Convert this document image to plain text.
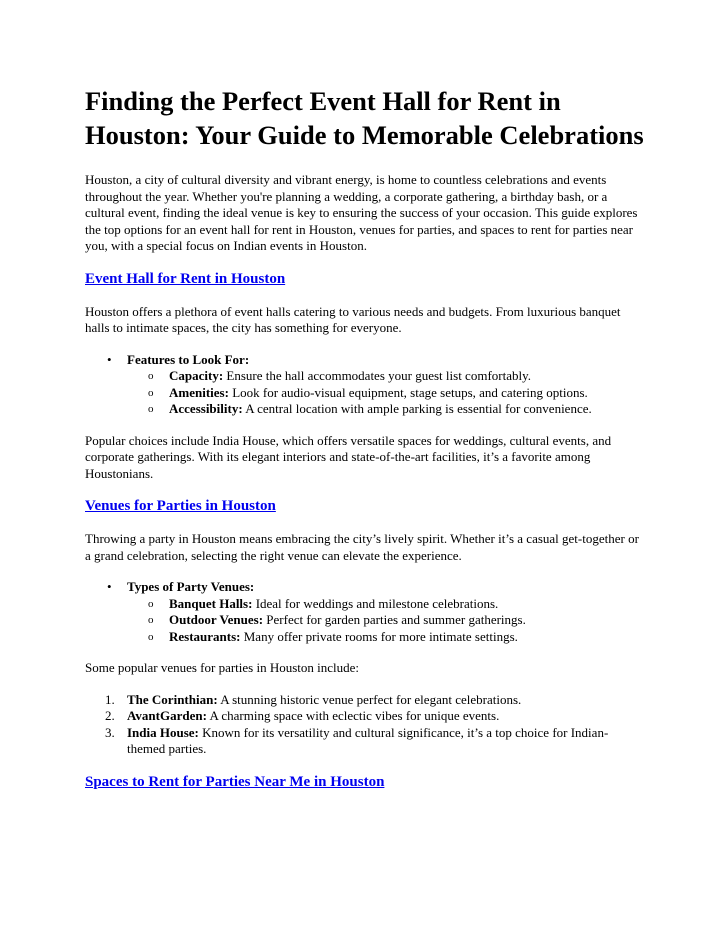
Finding the Perfect Event Hall for Rent in Houston: Your Guide to Memorable Celebrations

Houston, a city of cultural diversity and vibrant energy, is home to countless celebrations and events throughout the year. Whether you're planning a wedding, a corporate gathering, a birthday bash, or a cultural event, finding the ideal venue is key to ensuring the success of your occasion. This guide explores the top options for an event hall for rent in Houston, venues for parties, and spaces to rent for parties near you, with a special focus on Indian events in Houston.

Event Hall for Rent in Houston

Houston offers a plethora of event halls catering to various needs and budgets. From luxurious banquet halls to intimate spaces, the city has something for everyone.

• Features to Look For:
o Capacity: Ensure the hall accommodates your guest list comfortably.
o Amenities: Look for audio-visual equipment, stage setups, and catering options.
o Accessibility: A central location with ample parking is essential for convenience.

Popular choices include India House, which offers versatile spaces for weddings, cultural events, and corporate gatherings. With its elegant interiors and state-of-the-art facilities, it’s a favorite among Houstonians.

Venues for Parties in Houston

Throwing a party in Houston means embracing the city’s lively spirit. Whether it’s a casual get-together or a grand celebration, selecting the right venue can elevate the experience.

• Types of Party Venues:
o Banquet Halls: Ideal for weddings and milestone celebrations.
o Outdoor Venues: Perfect for garden parties and summer gatherings.
o Restaurants: Many offer private rooms for more intimate settings.

Some popular venues for parties in Houston include:

1. The Corinthian: A stunning historic venue perfect for elegant celebrations.
2. AvantGarden: A charming space with eclectic vibes for unique events.
3. India House: Known for its versatility and cultural significance, it’s a top choice for Indian-themed parties.
Spaces to Rent for Parties Near Me in Houston
